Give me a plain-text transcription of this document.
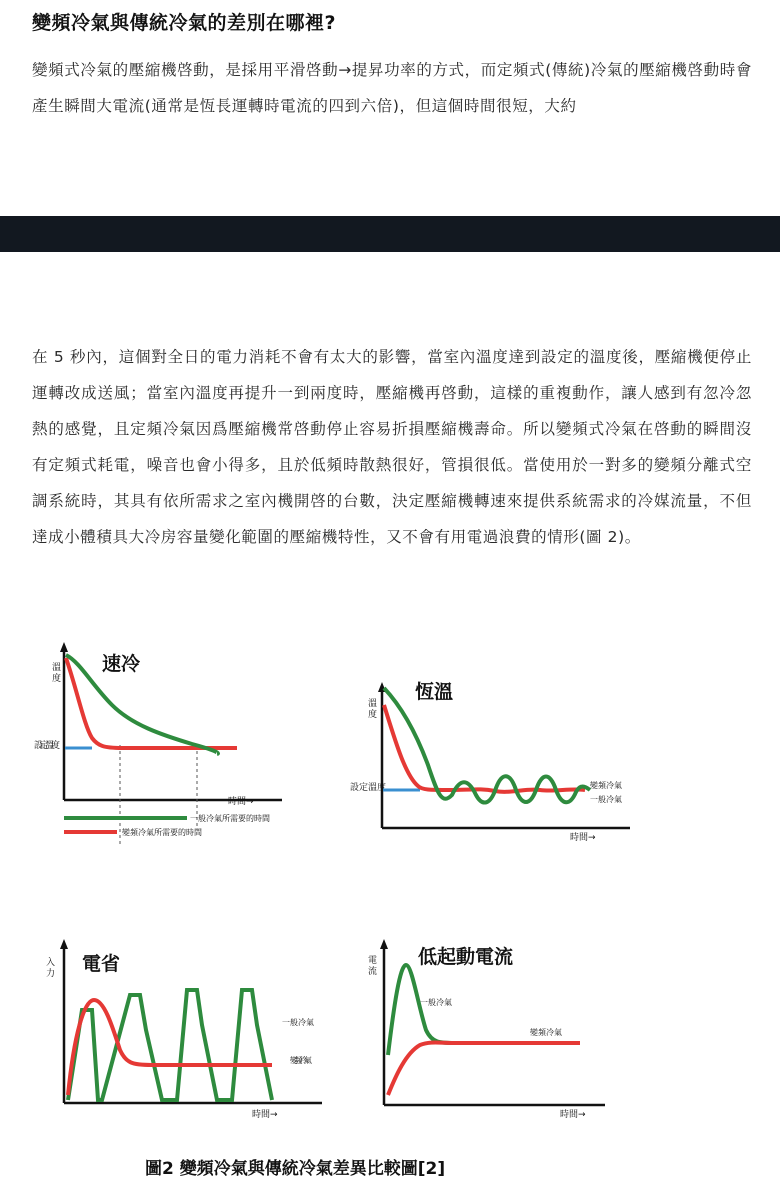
變頻冷氣與傳統冷氣的差別在哪裡?
變頻式冷氣的壓縮機啓動，是採用平滑啓動→提昇功率的方式，而定頻式(傳統)冷氣的壓縮機啓動時會產生瞬間大電流(通常是恆長運轉時電流的四到六倍)，但這個時間很短，大約
在 5 秒內，這個對全日的電力消耗不會有太大的影響，當室內溫度達到設定的溫度後，壓縮機便停止運轉改成送風；當室內溫度再提升一到兩度時，壓縮機再啓動，這樣的重複動作，讓人感到有忽冷忽熱的感覺，且定頻冷氣因爲壓縮機常啓動停止容易折損壓縮機壽命。所以變頻式冷氣在啓動的瞬間沒有定頻式耗電，噪音也會小得多，且於低頻時散熱很好，管損很低。當使用於一對多的變頻分離式空調系統時，其具有依所需求之室內機開啓的台數，決定壓縮機轉速來提供系統需求的冷媒流量，不但達成小體積具大冷房容量變化範圍的壓縮機特性，又不會有用電過浪費的情形(圖 2)。
溫度
設定溫度
速冷
時間→
一般冷氣所需要的時間
變頻冷氣所需要的時間
溫度
設定溫度
恆溫
變頻冷氣
一般冷氣
時間→
入力 電省
一般冷氣
變頻冷氣
時間→
電流
低起動電流
一般冷氣
變頻冷氣
時間→
圖2 變頻冷氣與傳統冷氣差異比較圖[2]
